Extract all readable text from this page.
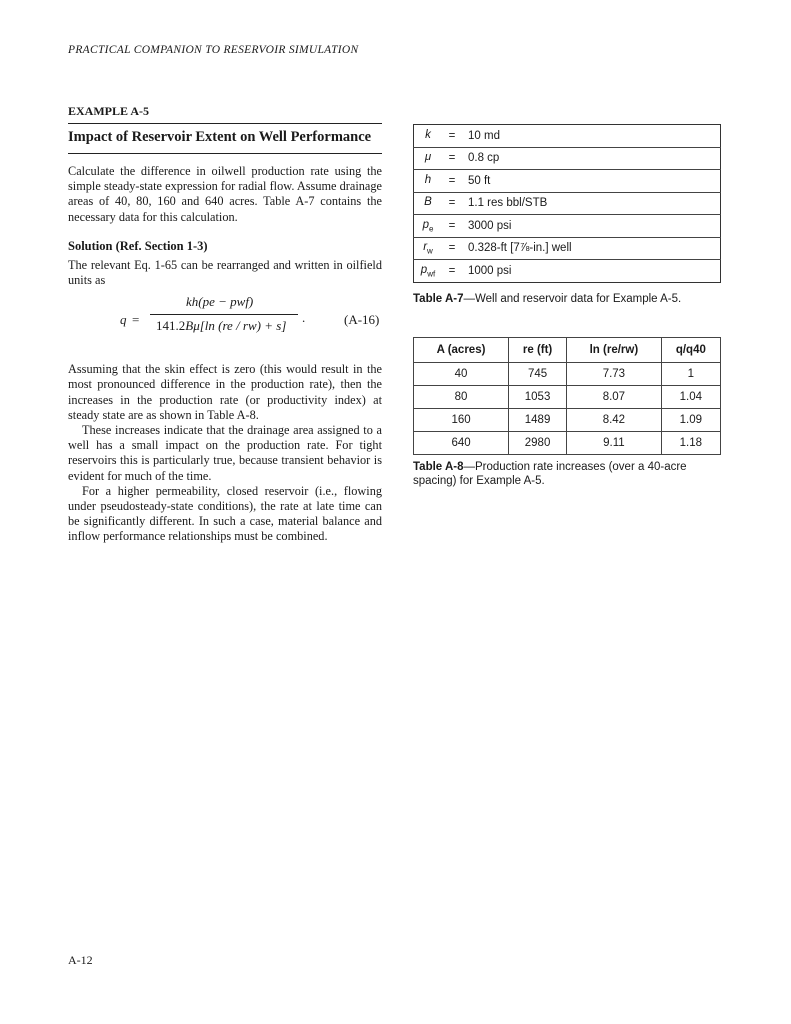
PRACTICAL COMPANION TO RESERVOIR SIMULATION
EXAMPLE A-5
Impact of Reservoir Extent on Well Performance

Calculate the difference in oilwell production rate using the simple steady-state expression for radial flow. Assume drainage areas of 40, 80, 160 and 640 acres. Table A-7 contains the necessary data for this calculation.

Solution (Ref. Section 1-3)

The relevant Eq. 1-65 can be rearranged and written in oilfield units as

q =
kh(pe − pwf)
141.2Bμ[ln (re / rw) + s]
.	(A-16)

Assuming that the skin effect is zero (this would result in the most pronounced difference in the production rate), then the increases in the production rate (or productivity index) at steady state are as shown in Table A-8.

These increases indicate that the drainage area assigned to a well has a small impact on the production rate. For tight reservoirs this is particularly true, because transient behavior is evident for much of the time.

For a higher permeability, closed reservoir (i.e., flowing under pseudosteady-state conditions), the rate at late time can be significantly different. In such a case, material balance and inflow performance relationships must be combined.

k	=	10 md
μ	=	0.8 cp
h	=	50 ft
B	=	1.1 res bbl/STB
$p_e$	=	3000 psi
$r_w$	=	0.328-ft [7⅞-in.] well
$p_{wf}$	=	1000 psi
Table A-7—Well and reservoir data for Example A-5.
A (acres)	re (ft)	ln (re/rw)	q/q40
40	745	7.73	1
80	1053	8.07	1.04
160	1489	8.42	1.09
640	2980	9.11	1.18
Table A-8—Production rate increases (over a 40-acre spacing) for Example A-5.
A-12
